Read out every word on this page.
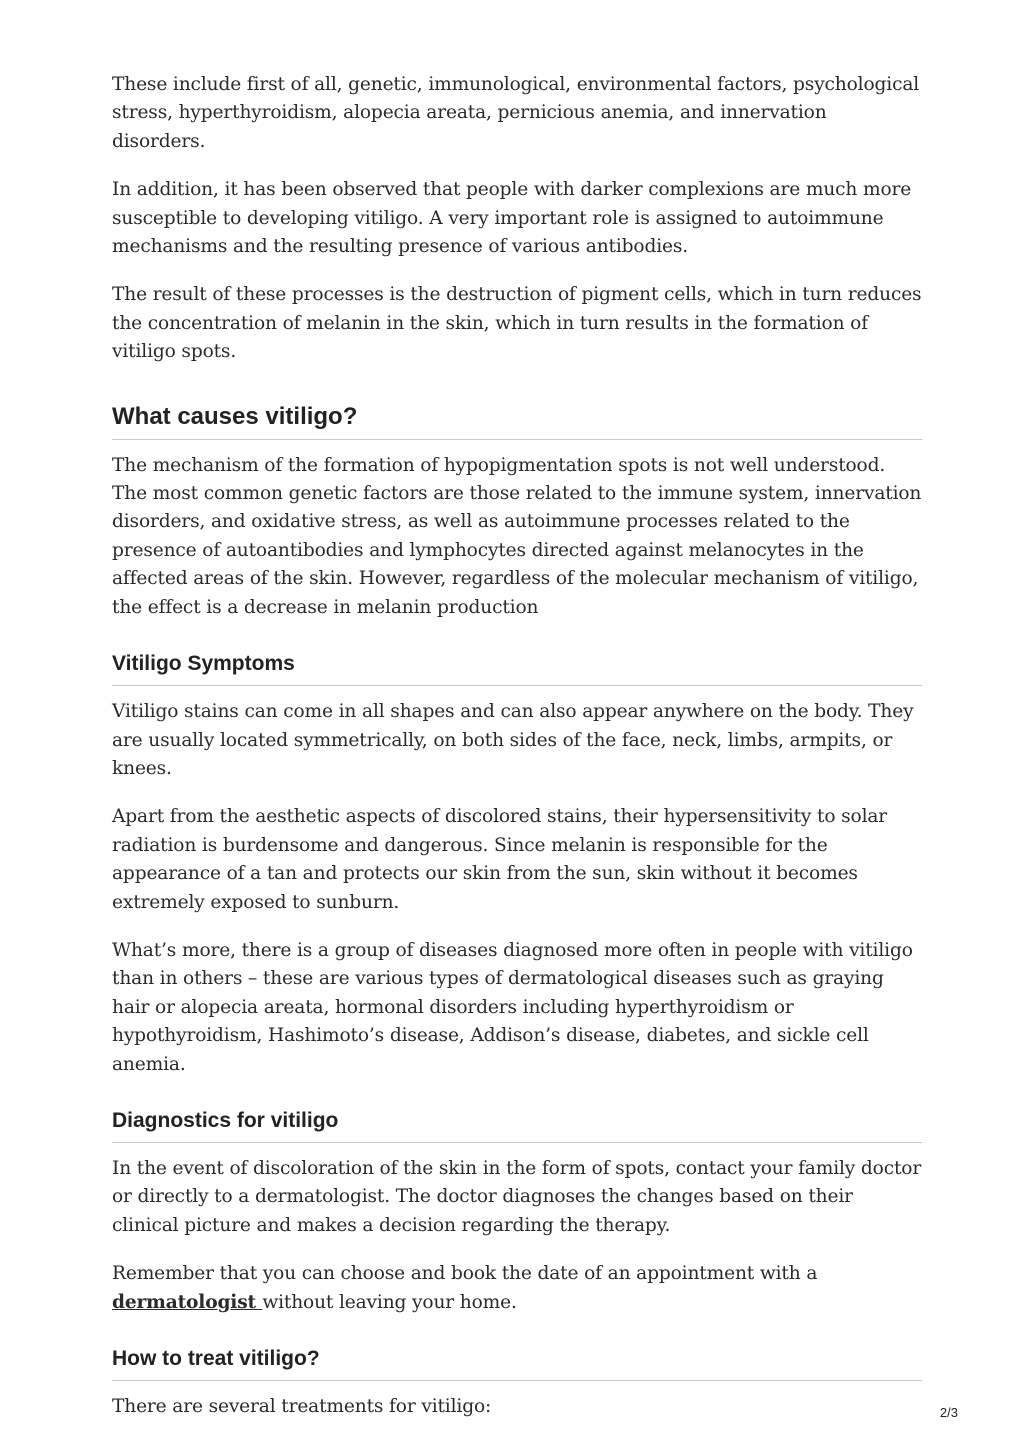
These include first of all, genetic, immunological, environmental factors, psychological stress, hyperthyroidism, alopecia areata, pernicious anemia, and innervation disorders.

In addition, it has been observed that people with darker complexions are much more susceptible to developing vitiligo. A very important role is assigned to autoimmune mechanisms and the resulting presence of various antibodies.

The result of these processes is the destruction of pigment cells, which in turn reduces the concentration of melanin in the skin, which in turn results in the formation of vitiligo spots.

What causes vitiligo?

The mechanism of the formation of hypopigmentation spots is not well understood. The most common genetic factors are those related to the immune system, innervation disorders, and oxidative stress, as well as autoimmune processes related to the presence of autoantibodies and lymphocytes directed against melanocytes in the affected areas of the skin. However, regardless of the molecular mechanism of vitiligo, the effect is a decrease in melanin production

Vitiligo Symptoms

Vitiligo stains can come in all shapes and can also appear anywhere on the body. They are usually located symmetrically, on both sides of the face, neck, limbs, armpits, or knees.

Apart from the aesthetic aspects of discolored stains, their hypersensitivity to solar radiation is burdensome and dangerous. Since melanin is responsible for the appearance of a tan and protects our skin from the sun, skin without it becomes extremely exposed to sunburn.

What’s more, there is a group of diseases diagnosed more often in people with vitiligo than in others – these are various types of dermatological diseases such as graying hair or alopecia areata, hormonal disorders including hyperthyroidism or hypothyroidism, Hashimoto’s disease, Addison’s disease, diabetes, and sickle cell anemia.

Diagnostics for vitiligo

In the event of discoloration of the skin in the form of spots, contact your family doctor or directly to a dermatologist. The doctor diagnoses the changes based on their clinical picture and makes a decision regarding the therapy.

Remember that you can choose and book the date of an appointment with a dermatologist without leaving your home.

How to treat vitiligo?

There are several treatments for vitiligo:	2/3
